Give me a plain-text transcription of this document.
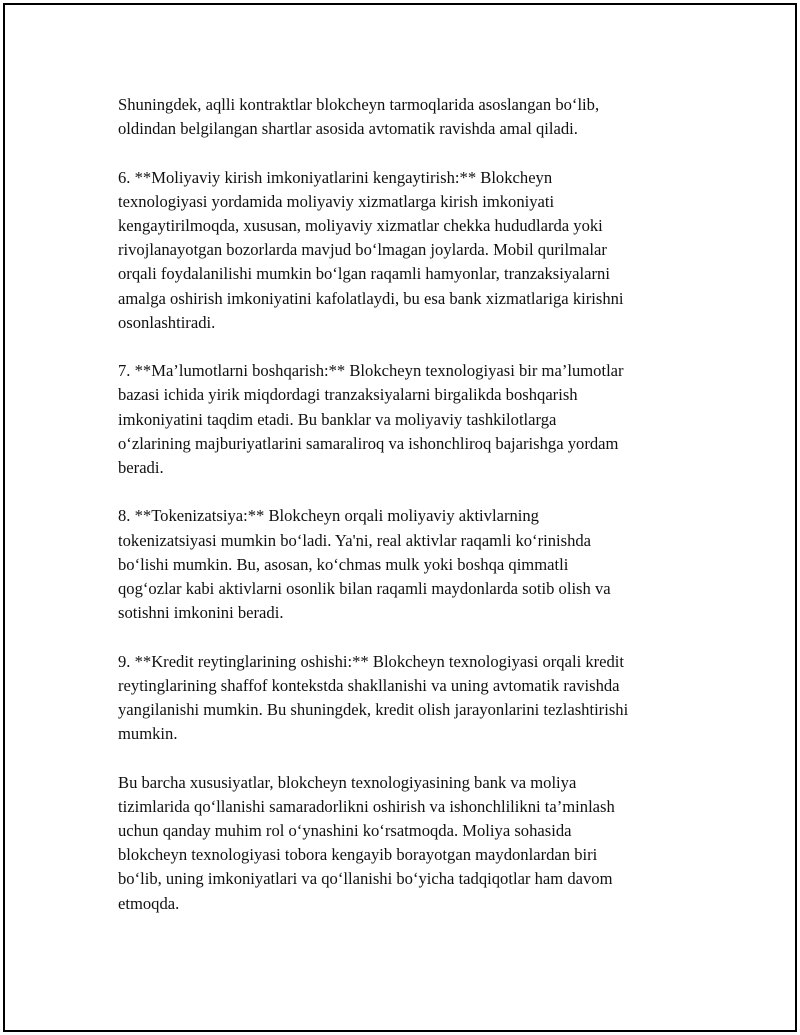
Shuningdek, aqlli kontraktlar blokcheyn tarmoqlarida asoslangan bo‘lib,
oldindan belgilangan shartlar asosida avtomatik ravishda amal qiladi.

6. **Moliyaviy kirish imkoniyatlarini kengaytirish:** Blokcheyn
texnologiyasi yordamida moliyaviy xizmatlarga kirish imkoniyati
kengaytirilmoqda, xususan, moliyaviy xizmatlar chekka hududlarda yoki
rivojlanayotgan bozorlarda mavjud bo‘lmagan joylarda. Mobil qurilmalar
orqali foydalanilishi mumkin bo‘lgan raqamli hamyonlar, tranzaksiyalarni
amalga oshirish imkoniyatini kafolatlaydi, bu esa bank xizmatlariga kirishni
osonlashtiradi.

7. **Ma’lumotlarni boshqarish:** Blokcheyn texnologiyasi bir ma’lumotlar
bazasi ichida yirik miqdordagi tranzaksiyalarni birgalikda boshqarish
imkoniyatini taqdim etadi. Bu banklar va moliyaviy tashkilotlarga
o‘zlarining majburiyatlarini samaraliroq va ishonchliroq bajarishga yordam
beradi.

8. **Tokenizatsiya:** Blokcheyn orqali moliyaviy aktivlarning
tokenizatsiyasi mumkin bo‘ladi. Ya'ni, real aktivlar raqamli ko‘rinishda
bo‘lishi mumkin. Bu, asosan, ko‘chmas mulk yoki boshqa qimmatli
qog‘ozlar kabi aktivlarni osonlik bilan raqamli maydonlarda sotib olish va
sotishni imkonini beradi.

9. **Kredit reytinglarining oshishi:** Blokcheyn texnologiyasi orqali kredit
reytinglarining shaffof kontekstda shakllanishi va uning avtomatik ravishda
yangilanishi mumkin. Bu shuningdek, kredit olish jarayonlarini tezlashtirishi
mumkin.

Bu barcha xususiyatlar, blokcheyn texnologiyasining bank va moliya
tizimlarida qo‘llanishi samaradorlikni oshirish va ishonchlilikni ta’minlash
uchun qanday muhim rol o‘ynashini ko‘rsatmoqda. Moliya sohasida
blokcheyn texnologiyasi tobora kengayib borayotgan maydonlardan biri
bo‘lib, uning imkoniyatlari va qo‘llanishi bo‘yicha tadqiqotlar ham davom
etmoqda.
